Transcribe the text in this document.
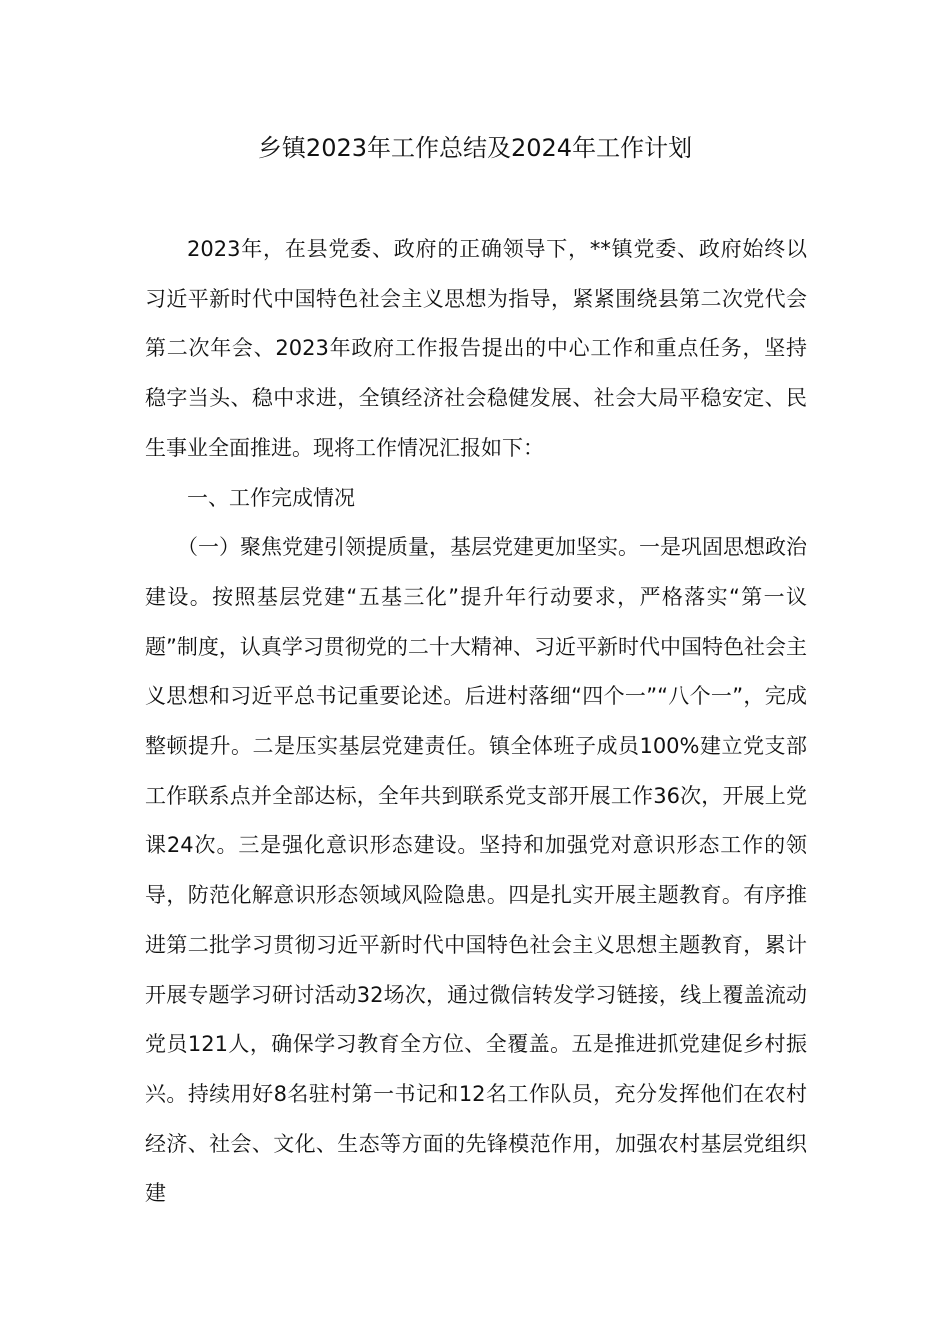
乡镇2023年工作总结及2024年工作计划

2023年，在县党委、政府的正确领导下，**镇党委、政府始终以习近平新时代中国特色社会主义思想为指导，紧紧围绕县第二次党代会第二次年会、2023年政府工作报告提出的中心工作和重点任务，坚持稳字当头、稳中求进，全镇经济社会稳健发展、社会大局平稳安定、民生事业全面推进。现将工作情况汇报如下：

一、工作完成情况

（一）聚焦党建引领提质量，基层党建更加坚实。一是巩固思想政治建设。按照基层党建“五基三化”提升年行动要求，严格落实“第一议题”制度，认真学习贯彻党的二十大精神、习近平新时代中国特色社会主义思想和习近平总书记重要论述。后进村落细“四个一”“八个一”，完成整顿提升。二是压实基层党建责任。镇全体班子成员100%建立党支部工作联系点并全部达标，全年共到联系党支部开展工作36次，开展上党课24次。三是强化意识形态建设。坚持和加强党对意识形态工作的领导，防范化解意识形态领域风险隐患。四是扎实开展主题教育。有序推进第二批学习贯彻习近平新时代中国特色社会主义思想主题教育，累计开展专题学习研讨活动32场次，通过微信转发学习链接，线上覆盖流动党员121人，确保学习教育全方位、全覆盖。五是推进抓党建促乡村振兴。持续用好8名驻村第一书记和12名工作队员，充分发挥他们在农村经济、社会、文化、生态等方面的先锋模范作用，加强农村基层党组织建
